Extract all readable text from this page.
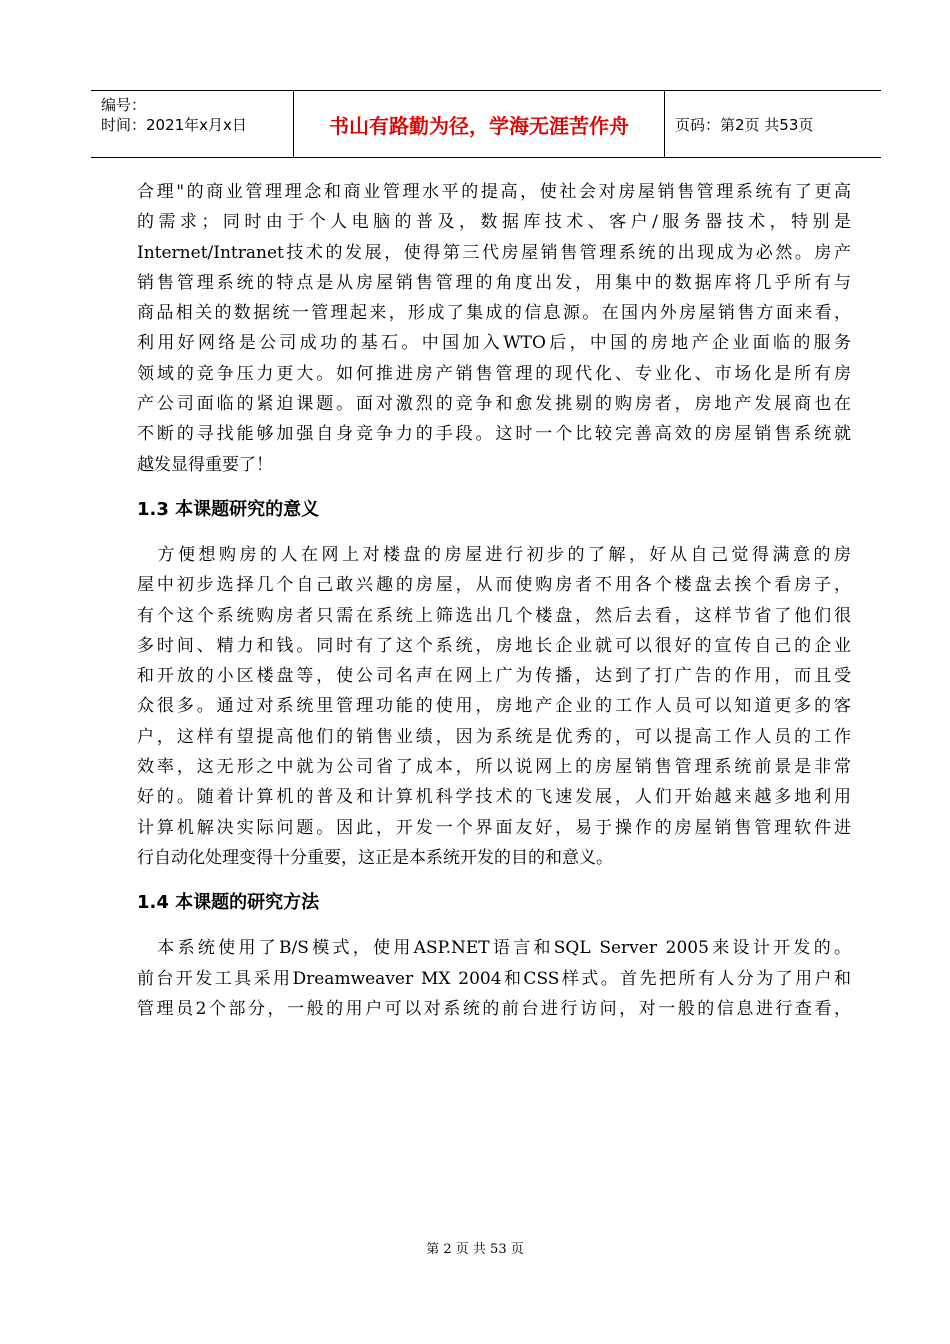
编号：
时间：2021年x月x日	书山有路勤为径，学海无涯苦作舟	页码：第2页 共53页
合理"的商业管理理念和商业管理水平的提高，使社会对房屋销售管理系统有了更高
的需求；同时由于个人电脑的普及，数据库技术、客户/服务器技术，特别是
Internet/Intranet技术的发展，使得第三代房屋销售管理系统的出现成为必然。房产
销售管理系统的特点是从房屋销售管理的角度出发，用集中的数据库将几乎所有与
商品相关的数据统一管理起来，形成了集成的信息源。在国内外房屋销售方面来看，
利用好网络是公司成功的基石。中国加入WTO后，中国的房地产企业面临的服务
领域的竞争压力更大。如何推进房产销售管理的现代化、专业化、市场化是所有房
产公司面临的紧迫课题。面对激烈的竞争和愈发挑剔的购房者，房地产发展商也在
不断的寻找能够加强自身竞争力的手段。这时一个比较完善高效的房屋销售系统就
越发显得重要了！
1.3 本课题研究的意义
　方便想购房的人在网上对楼盘的房屋进行初步的了解，好从自己觉得满意的房
屋中初步选择几个自己敢兴趣的房屋，从而使购房者不用各个楼盘去挨个看房子，
有个这个系统购房者只需在系统上筛选出几个楼盘，然后去看，这样节省了他们很
多时间、精力和钱。同时有了这个系统，房地长企业就可以很好的宣传自己的企业
和开放的小区楼盘等，使公司名声在网上广为传播，达到了打广告的作用，而且受
众很多。通过对系统里管理功能的使用，房地产企业的工作人员可以知道更多的客
户，这样有望提高他们的销售业绩，因为系统是优秀的，可以提高工作人员的工作
效率，这无形之中就为公司省了成本，所以说网上的房屋销售管理系统前景是非常
好的。随着计算机的普及和计算机科学技术的飞速发展，人们开始越来越多地利用
计算机解决实际问题。因此，开发一个界面友好，易于操作的房屋销售管理软件进
行自动化处理变得十分重要，这正是本系统开发的目的和意义。
1.4 本课题的研究方法
　本系统使用了B/S模式，使用ASP.NET语言和SQL Server 2005来设计开发的。
前台开发工具采用Dreamweaver MX 2004和CSS样式。首先把所有人分为了用户和
管理员2个部分，一般的用户可以对系统的前台进行访问，对一般的信息进行查看，
第 2 页 共 53 页
